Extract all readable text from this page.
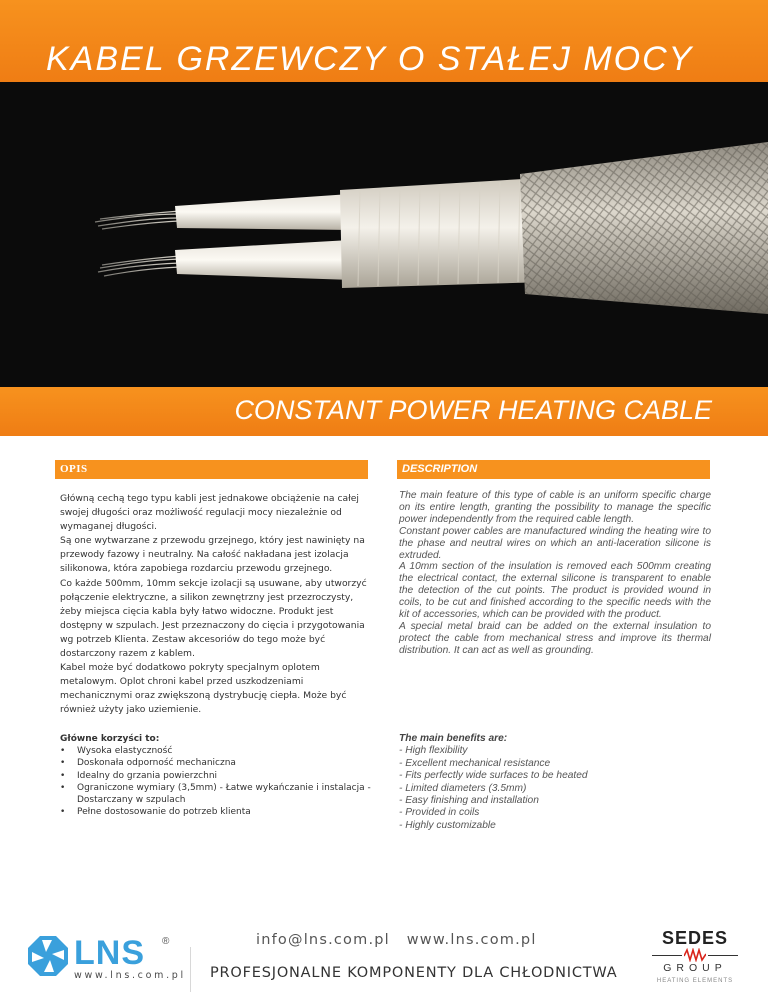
KABEL GRZEWCZY O STAŁEJ MOCY
CONSTANT POWER HEATING CABLE
OPIS	DESCRIPTION

Główną cechą tego typu kabli jest jednakowe obciążenie na całej swojej długości oraz możliwość regulacji mocy niezależnie od wymaganej długości.

Są one wytwarzane z przewodu grzejnego, który jest nawinięty na przewody fazowy i neutralny. Na całość nakładana jest izolacja silikonowa, która zapobiega rozdarciu przewodu grzejnego.

Co każde 500mm, 10mm sekcje izolacji są usuwane, aby utworzyć połączenie elektryczne, a silikon zewnętrzny jest przezroczysty, żeby miejsca cięcia kabla były łatwo widoczne. Produkt jest dostępny w szpulach. Jest przeznaczony do cięcia i przygotowania wg potrzeb Klienta. Zestaw akcesoriów do tego może być dostarczony razem z kablem.

Kabel może być dodatkowo pokryty specjalnym oplotem metalowym. Oplot chroni kabel przed uszkodzeniami mechanicznymi oraz zwiększoną dystrybucję ciepła. Może być również użyty jako uziemienie.

The main feature of this type of cable is an uniform specific charge on its entire length, granting the possibility to manage the specific power independently from the required cable length.

Constant power cables are manufactured winding the heating wire to the phase and neutral wires on which an anti-laceration silicone is extruded.

A 10mm section of the insulation is removed each 500mm creating the electrical contact, the external silicone is transparent to enable the detection of the cut points. The product is provided wound in coils, to be cut and finished according to the specific needs with the kit of accessories, which can be provided with the product.

A special metal braid can be added on the external insulation to protect the cable from mechanical stress and improve its thermal distribution. It can act as well as grounding.

Główne korzyści to:
• Wysoka elastyczność
• Doskonała odporność mechaniczna
• Idealny do grzania powierzchni
• Ograniczone wymiary (3,5mm) - Łatwe wykańczanie i instalacja - Dostarczany w szpulach
• Pełne dostosowanie do potrzeb klienta
The main benefits are:
- High flexibility
- Excellent mechanical resistance
- Fits perfectly wide surfaces to be heated
- Limited diameters (3.5mm)
- Easy finishing and installation
- Provided in coils
- Highly customizable
LNS ®
www.lns.com.pl
info@lns.com.pl www.lns.com.pl
PROFESJONALNE KOMPONENTY DLA CHŁODNICTWA
SEDES
GROUP
HEATING ELEMENTS
